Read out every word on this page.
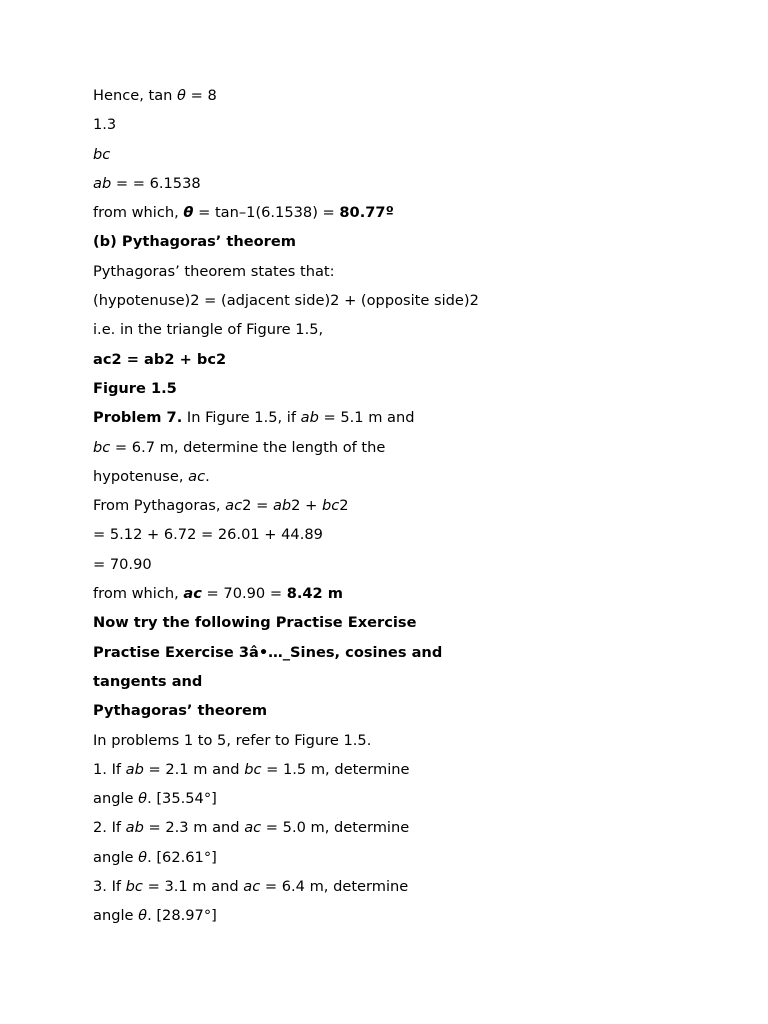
Hence, tan θ = 8
1.3
bc
ab = = 6.1538
from which, θ = tan–1(6.1538) = 80.77º
(b) Pythagoras’ theorem
Pythagoras’ theorem states that:
(hypotenuse)2 = (adjacent side)2 + (opposite side)2
i.e. in the triangle of Figure 1.5,
ac2 = ab2 + bc2
Figure 1.5
Problem 7. In Figure 1.5, if ab = 5.1 m and
bc = 6.7 m, determine the length of the
hypotenuse, ac.
From Pythagoras, ac2 = ab2 + bc2
= 5.12 + 6.72 = 26.01 + 44.89
= 70.90
from which, ac = 70.90 = 8.42 m
Now try the following Practise Exercise
Practise Exercise 3â•…_Sines, cosines and
tangents and
Pythagoras’ theorem
In problems 1 to 5, refer to Figure 1.5.
1. If ab = 2.1 m and bc = 1.5 m, determine
angle θ. [35.54°]
2. If ab = 2.3 m and ac = 5.0 m, determine
angle θ. [62.61°]
3. If bc = 3.1 m and ac = 6.4 m, determine
angle θ. [28.97°]
